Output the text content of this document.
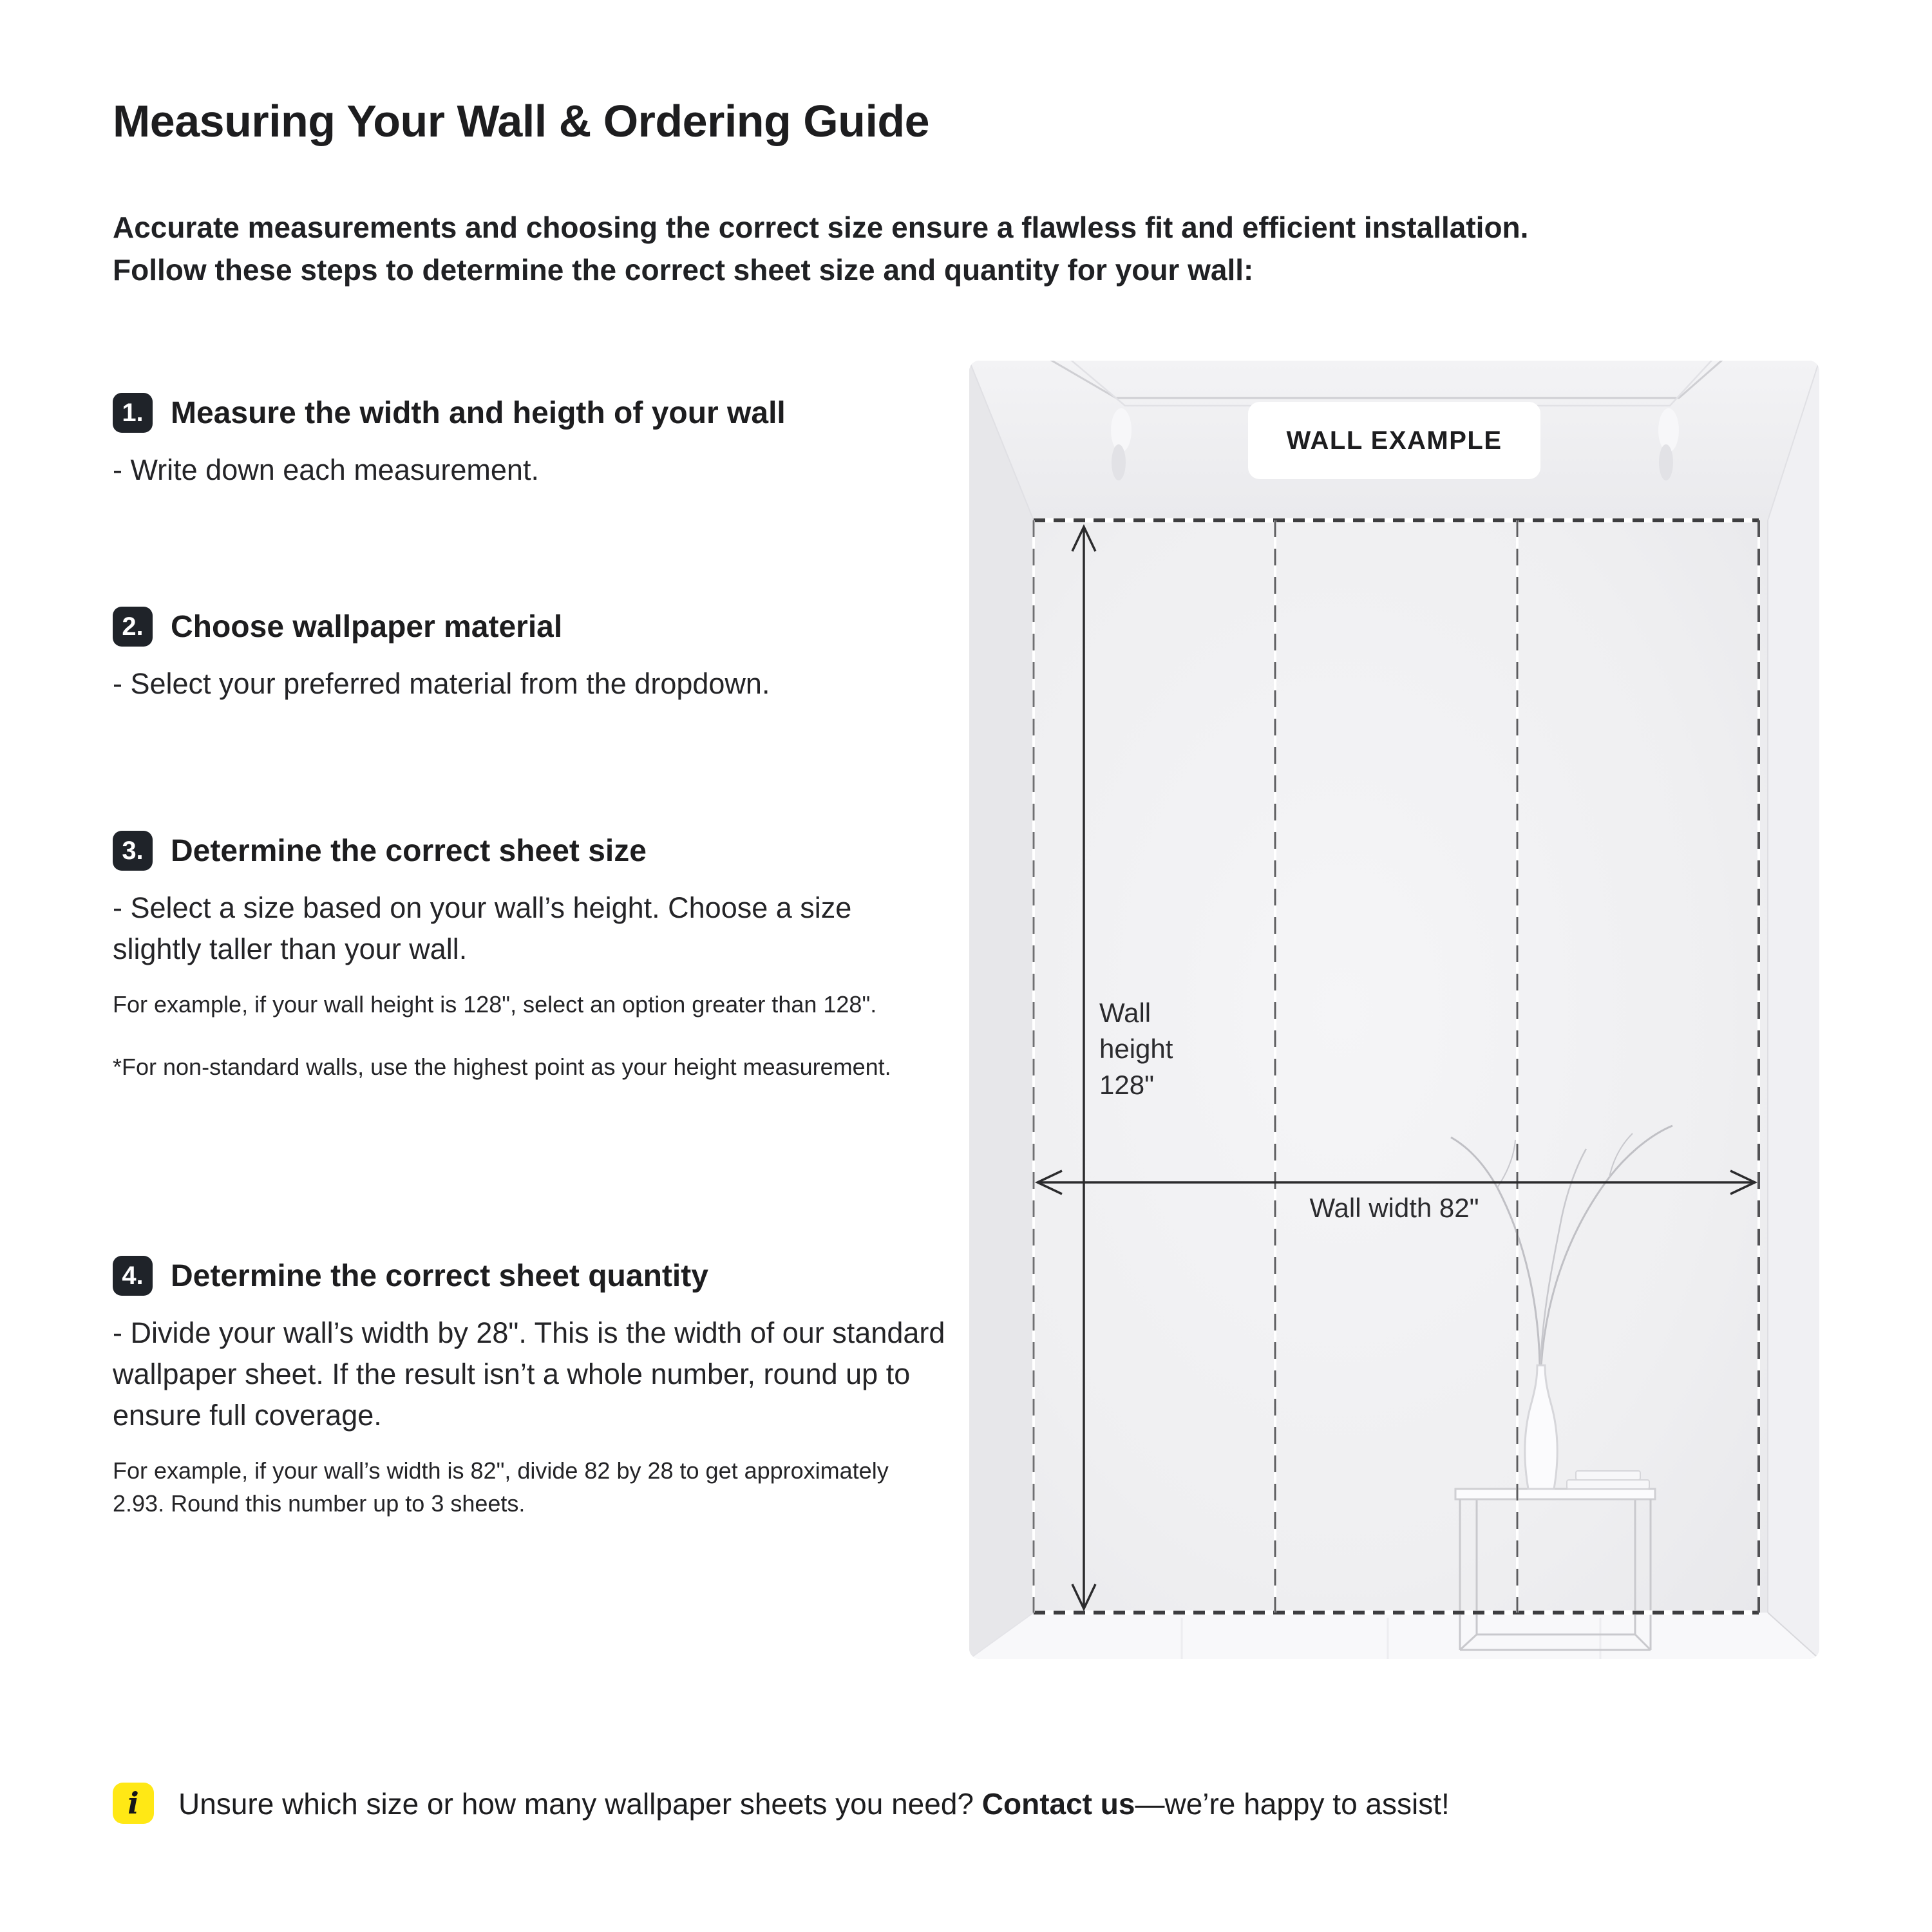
Measuring Your Wall & Ordering Guide
Accurate measurements and choosing the correct size ensure a flawless fit and efficient installation.
Follow these steps to determine the correct sheet size and quantity for your wall:
1. Measure the width and heigth of your wall

- Write down each measurement.

2. Choose wallpaper material

- Select your preferred material from the dropdown.

3. Determine the correct sheet size

- Select a size based on your wall’s height. Choose a size slightly taller than your wall.

For example, if your wall height is 128", select an option greater than 128".

*For non-standard walls, use the highest point as your height measurement.

4. Determine the correct sheet quantity

- Divide your wall’s width by 28". This is the width of our standard wallpaper sheet. If the result isn’t a whole number, round up to ensure full coverage.

For example, if your wall’s width is 82", divide 82 by 28 to get approximately 2.93. Round this number up to 3 sheets.

WALL EXAMPLE
Wall height 128"
Wall width 82"
i	Unsure which size or how many wallpaper sheets you need? Contact us—we’re happy to assist!
